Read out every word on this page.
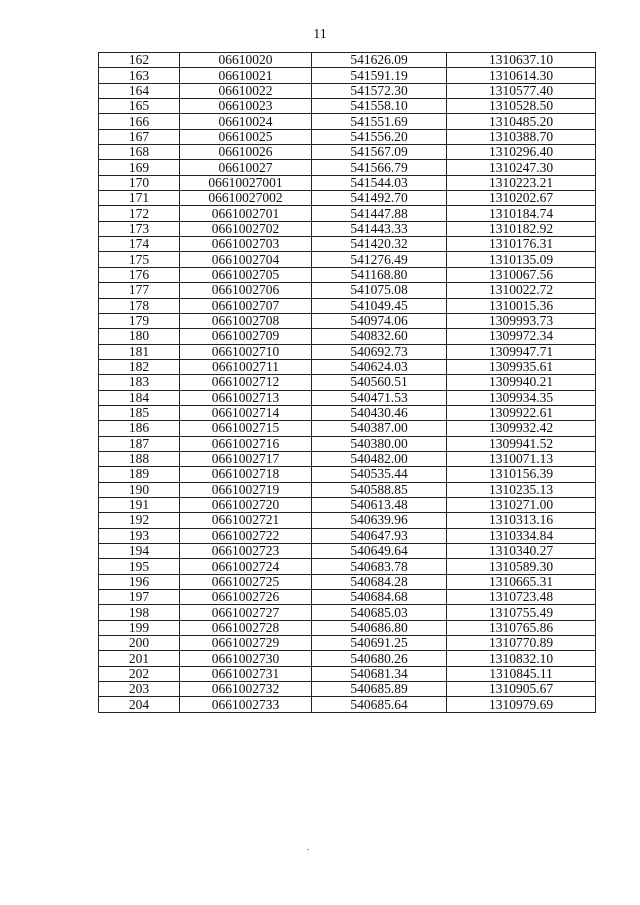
11
162	06610020	541626.09	1310637.10
163	06610021	541591.19	1310614.30
164	06610022	541572.30	1310577.40
165	06610023	541558.10	1310528.50
166	06610024	541551.69	1310485.20
167	06610025	541556.20	1310388.70
168	06610026	541567.09	1310296.40
169	06610027	541566.79	1310247.30
170	06610027001	541544.03	1310223.21
171	06610027002	541492.70	1310202.67
172	0661002701	541447.88	1310184.74
173	0661002702	541443.33	1310182.92
174	0661002703	541420.32	1310176.31
175	0661002704	541276.49	1310135.09
176	0661002705	541168.80	1310067.56
177	0661002706	541075.08	1310022.72
178	0661002707	541049.45	1310015.36
179	0661002708	540974.06	1309993.73
180	0661002709	540832.60	1309972.34
181	0661002710	540692.73	1309947.71
182	0661002711	540624.03	1309935.61
183	0661002712	540560.51	1309940.21
184	0661002713	540471.53	1309934.35
185	0661002714	540430.46	1309922.61
186	0661002715	540387.00	1309932.42
187	0661002716	540380.00	1309941.52
188	0661002717	540482.00	1310071.13
189	0661002718	540535.44	1310156.39
190	0661002719	540588.85	1310235.13
191	0661002720	540613.48	1310271.00
192	0661002721	540639.96	1310313.16
193	0661002722	540647.93	1310334.84
194	0661002723	540649.64	1310340.27
195	0661002724	540683.78	1310589.30
196	0661002725	540684.28	1310665.31
197	0661002726	540684.68	1310723.48
198	0661002727	540685.03	1310755.49
199	0661002728	540686.80	1310765.86
200	0661002729	540691.25	1310770.89
201	0661002730	540680.26	1310832.10
202	0661002731	540681.34	1310845.11
203	0661002732	540685.89	1310905.67
204	0661002733	540685.64	1310979.69
